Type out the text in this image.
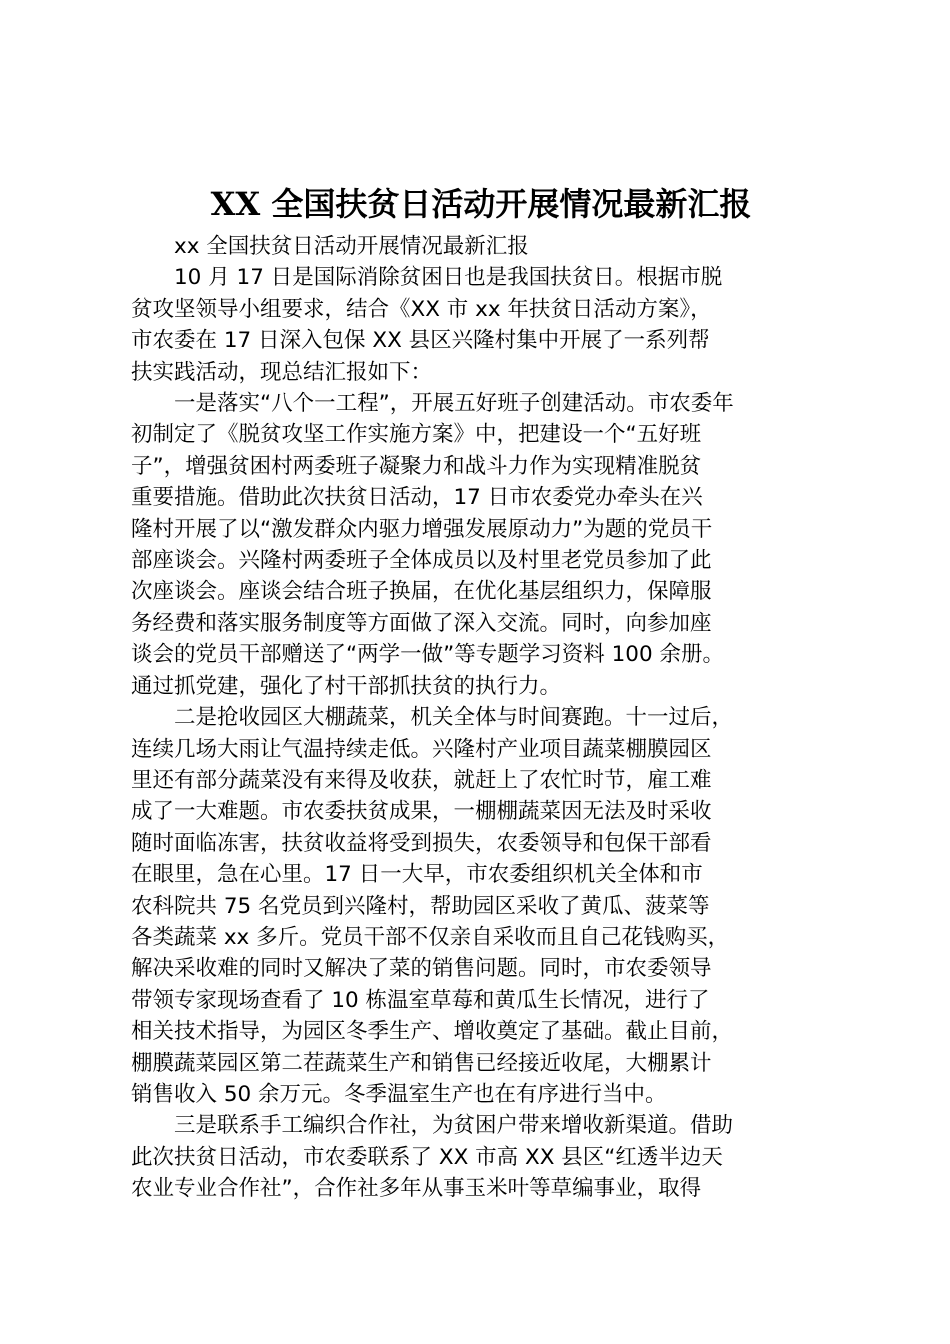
XX 全国扶贫日活动开展情况最新汇报

xx 全国扶贫日活动开展情况最新汇报

10 月 17 日是国际消除贫困日也是我国扶贫日。根据市脱
贫攻坚领导小组要求，结合《XX 市 xx 年扶贫日活动方案》，
市农委在 17 日深入包保 XX 县区兴隆村集中开展了一系列帮
扶实践活动，现总结汇报如下：

一是落实“八个一工程”，开展五好班子创建活动。市农委年
初制定了《脱贫攻坚工作实施方案》中，把建设一个“五好班
子”，增强贫困村两委班子凝聚力和战斗力作为实现精准脱贫
重要措施。借助此次扶贫日活动，17 日市农委党办牵头在兴
隆村开展了以“激发群众内驱力增强发展原动力”为题的党员干
部座谈会。兴隆村两委班子全体成员以及村里老党员参加了此
次座谈会。座谈会结合班子换届，在优化基层组织力，保障服
务经费和落实服务制度等方面做了深入交流。同时，向参加座
谈会的党员干部赠送了“两学一做”等专题学习资料 100 余册。
通过抓党建，强化了村干部抓扶贫的执行力。

二是抢收园区大棚蔬菜，机关全体与时间赛跑。十一过后，
连续几场大雨让气温持续走低。兴隆村产业项目蔬菜棚膜园区
里还有部分蔬菜没有来得及收获，就赶上了农忙时节，雇工难
成了一大难题。市农委扶贫成果，一棚棚蔬菜因无法及时采收
随时面临冻害，扶贫收益将受到损失，农委领导和包保干部看
在眼里，急在心里。17 日一大早，市农委组织机关全体和市
农科院共 75 名党员到兴隆村，帮助园区采收了黄瓜、菠菜等
各类蔬菜 xx 多斤。党员干部不仅亲自采收而且自己花钱购买，
解决采收难的同时又解决了菜的销售问题。同时，市农委领导
带领专家现场查看了 10 栋温室草莓和黄瓜生长情况，进行了
相关技术指导，为园区冬季生产、增收奠定了基础。截止目前，
棚膜蔬菜园区第二茬蔬菜生产和销售已经接近收尾，大棚累计
销售收入 50 余万元。冬季温室生产也在有序进行当中。

三是联系手工编织合作社，为贫困户带来增收新渠道。借助
此次扶贫日活动，市农委联系了 XX 市高 XX 县区“红透半边天
农业专业合作社”，合作社多年从事玉米叶等草编事业，取得
